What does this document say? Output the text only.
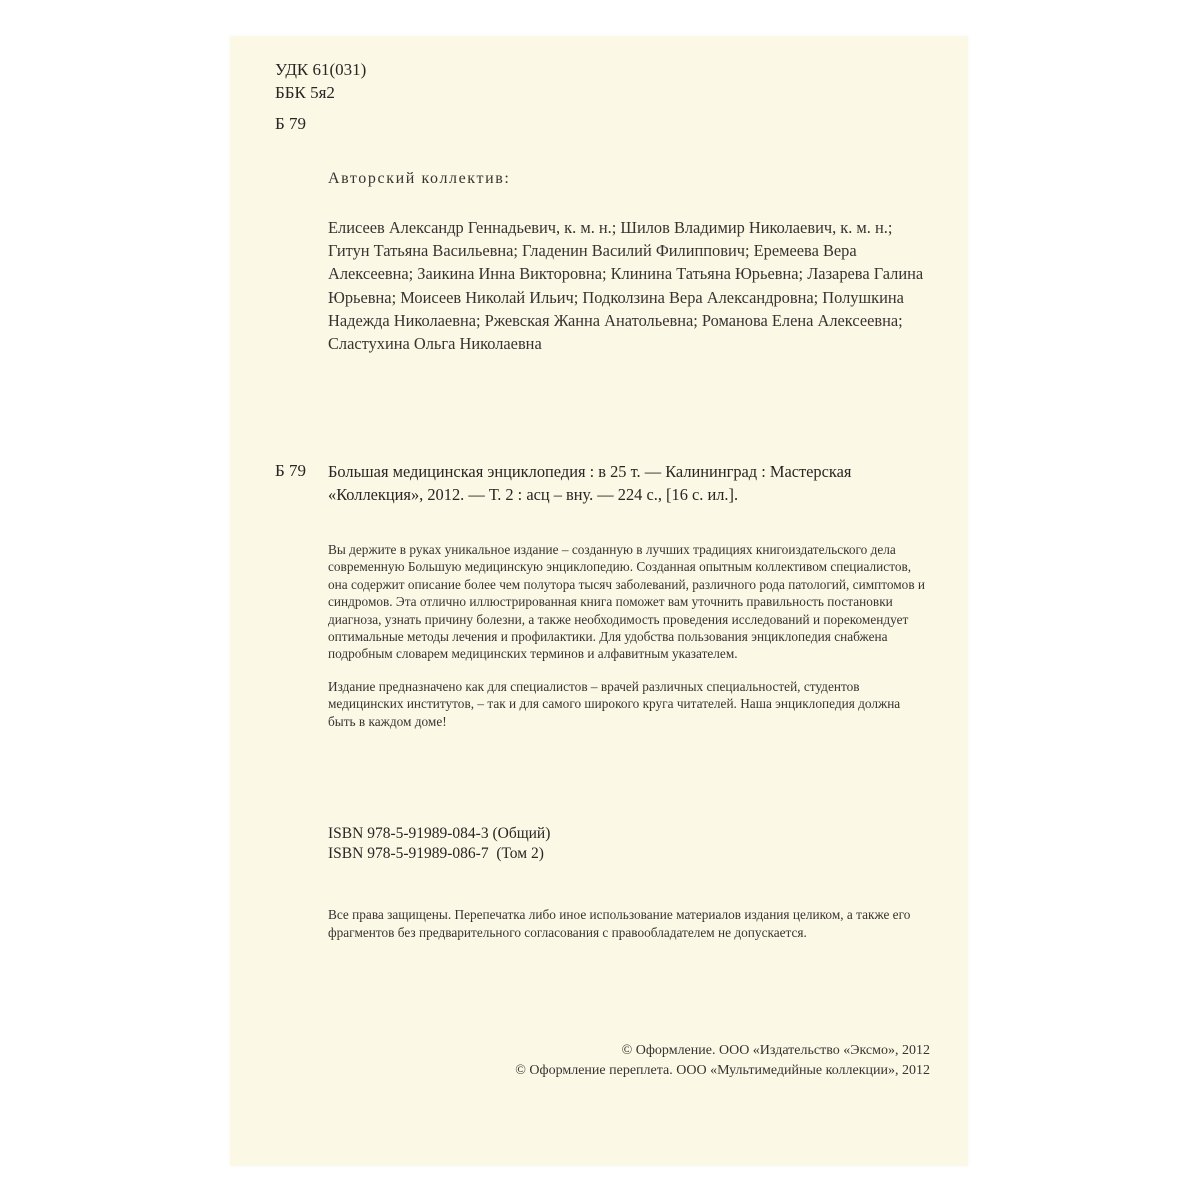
УДК 61(031)
ББК 5я2
Б 79
Авторский коллектив:
Елисеев Александр Геннадьевич, к. м. н.; Шилов Владимир Николаевич, к. м. н.; Гитун Татьяна Васильевна; Гладенин Василий Филиппович; Еремеева Вера Алексеевна; Заикина Инна Викторовна; Клинина Татьяна Юрьевна; Лазарева Галина Юрьевна; Моисеев Николай Ильич; Подколзина Вера Александровна; Полушкина Надежда Николаевна; Ржевская Жанна Анатольевна; Романова Елена Алексеевна; Сластухина Ольга Николаевна
Б 79 Большая медицинская энциклопедия : в 25 т. — Калининград : Мастерская «Коллекция», 2012. — Т. 2 : асц – вну. — 224 с., [16 с. ил.].

Вы держите в руках уникальное издание – созданную в лучших традициях книгоиздательского дела современную Большую медицинскую энциклопедию. Созданная опытным коллективом специалистов, она содержит описание более чем полутора тысяч заболеваний, различного рода патологий, симптомов и синдромов. Эта отлично иллюстрированная книга поможет вам уточнить правильность постановки диагноза, узнать причину болезни, а также необходимость проведения исследований и порекомендует оптимальные методы лечения и профилактики. Для удобства пользования энциклопедия снабжена подробным словарем медицинских терминов и алфавитным указателем.

Издание предназначено как для специалистов – врачей различных специальностей, студентов медицинских институтов, – так и для самого широкого круга читателей. Наша энциклопедия должна быть в каждом доме!

ISBN 978-5-91989-084-3 (Общий)
ISBN 978-5-91989-086-7  (Том 2)
Все права защищены. Перепечатка либо иное использование материалов издания целиком, а также его фрагментов без предварительного согласования с правообладателем не допускается.
© Оформление. ООО «Издательство «Эксмо», 2012
© Оформление переплета. ООО «Мультимедийные коллекции», 2012
